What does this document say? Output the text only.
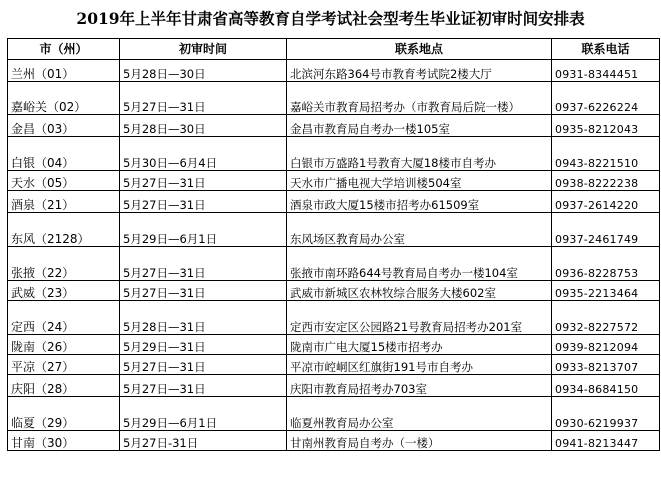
2019年上半年甘肃省高等教育自学考试社会型考生毕业证初审时间安排表
市（州）	初审时间	联系地点	联系电话
兰州（01）	5月28日—30日	北滨河东路364号市教育考试院2楼大厅	0931-8344451
嘉峪关（02）	5月27日—31日	嘉峪关市教育局招考办（市教育局后院一楼）	0937-6226224
金昌（03）	5月28日—30日	金昌市教育局自考办一楼105室	0935-8212043
白银（04）	5月30日—6月4日	白银市万盛路1号教育大厦18楼市自考办	0943-8221510
天水（05）	5月27日—31日	天水市广播电视大学培训楼504室	0938-8222238
酒泉（21）	5月27日—31日	酒泉市政大厦15楼市招考办61509室	0937-2614220
东风（2128）	5月29日—6月1日	东风场区教育局办公室	0937-2461749
张掖（22）	5月27日—31日	张掖市南环路644号教育局自考办一楼104室	0936-8228753
武威（23）	5月27日—31日	武威市新城区农林牧综合服务大楼602室	0935-2213464
定西（24）	5月28日—31日	定西市安定区公园路21号教育局招考办201室	0932-8227572
陇南（26）	5月29日—31日	陇南市广电大厦15楼市招考办	0939-8212094
平凉（27）	5月27日—31日	平凉市崆峒区红旗街191号市自考办	0933-8213707
庆阳（28）	5月27日—31日	庆阳市教育局招考办703室	0934-8684150
临夏（29）	5月29日—6月1日	临夏州教育局办公室	0930-6219937
甘南（30）	5月27日-31日	甘南州教育局自考办（一楼）	0941-8213447
